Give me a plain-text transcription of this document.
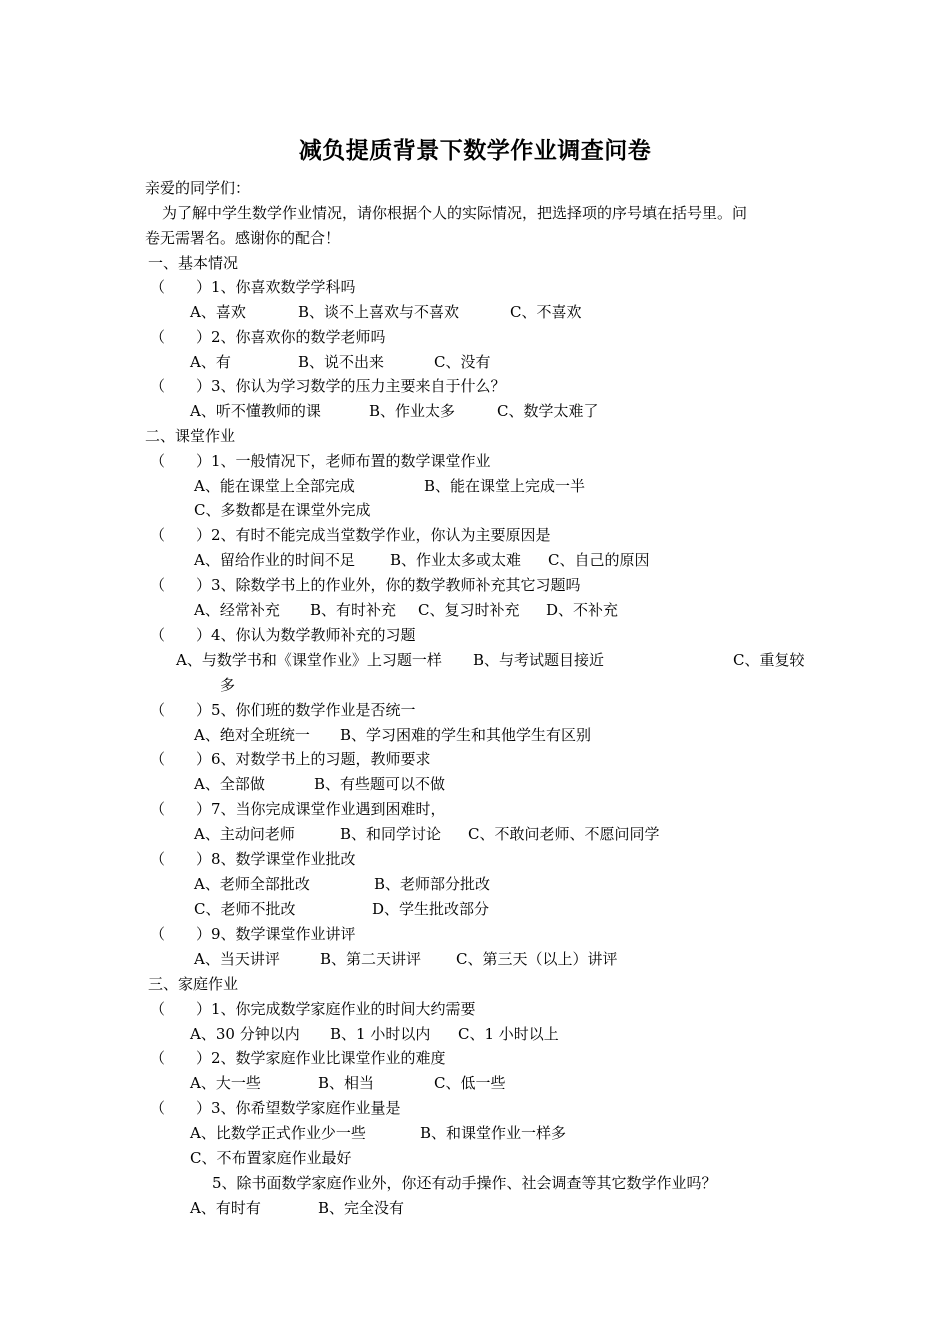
减负提质背景下数学作业调查问卷
亲爱的同学们：
为了解中学生数学作业情况，请你根据个人的实际情况，把选择项的序号填在括号里。问
卷无需署名。感谢你的配合！
一、基本情况
（ ）1、你喜欢数学学科吗
A、喜欢	B、谈不上喜欢与不喜欢	C、不喜欢
（ ）2、你喜欢你的数学老师吗
A、有	B、说不出来	C、没有
（ ）3、你认为学习数学的压力主要来自于什么？
A、听不懂教师的课	B、作业太多	C、数学太难了
二、课堂作业
（ ）1、一般情况下，老师布置的数学课堂作业
A、能在课堂上全部完成	B、能在课堂上完成一半
C、多数都是在课堂外完成
（ ）2、有时不能完成当堂数学作业，你认为主要原因是
A、留给作业的时间不足 B、作业太多或太难 C、自己的原因
（ ）3、除数学书上的作业外，你的数学教师补充其它习题吗
A、经常补充 B、有时补充 C、复习时补充 D、不补充
（ ）4、你认为数学教师补充的习题
A、与数学书和《课堂作业》上习题一样 B、与考试题目接近	C、重复较
多
（ ）5、你们班的数学作业是否统一
A、绝对全班统一 B、学习困难的学生和其他学生有区别
（ ）6、对数学书上的习题，教师要求
A、全部做	B、有些题可以不做
（ ）7、当你完成课堂作业遇到困难时，
A、主动问老师	B、和同学讨论 C、不敢问老师、不愿问同学
（ ）8、数学课堂作业批改
A、老师全部批改	B、老师部分批改
C、老师不批改	D、学生批改部分
（ ）9、数学课堂作业讲评
A、当天讲评	B、第二天讲评 C、第三天（以上）讲评
三、家庭作业
（ ）1、你完成数学家庭作业的时间大约需要
A、30 分钟以内 B、1 小时以内 C、1 小时以上
（ ）2、数学家庭作业比课堂作业的难度
A、大一些	B、相当	C、低一些
（ ）3、你希望数学家庭作业量是
A、比数学正式作业少一些	B、和课堂作业一样多
C、不布置家庭作业最好
5、除书面数学家庭作业外，你还有动手操作、社会调查等其它数学作业吗？
A、有时有	B、完全没有
